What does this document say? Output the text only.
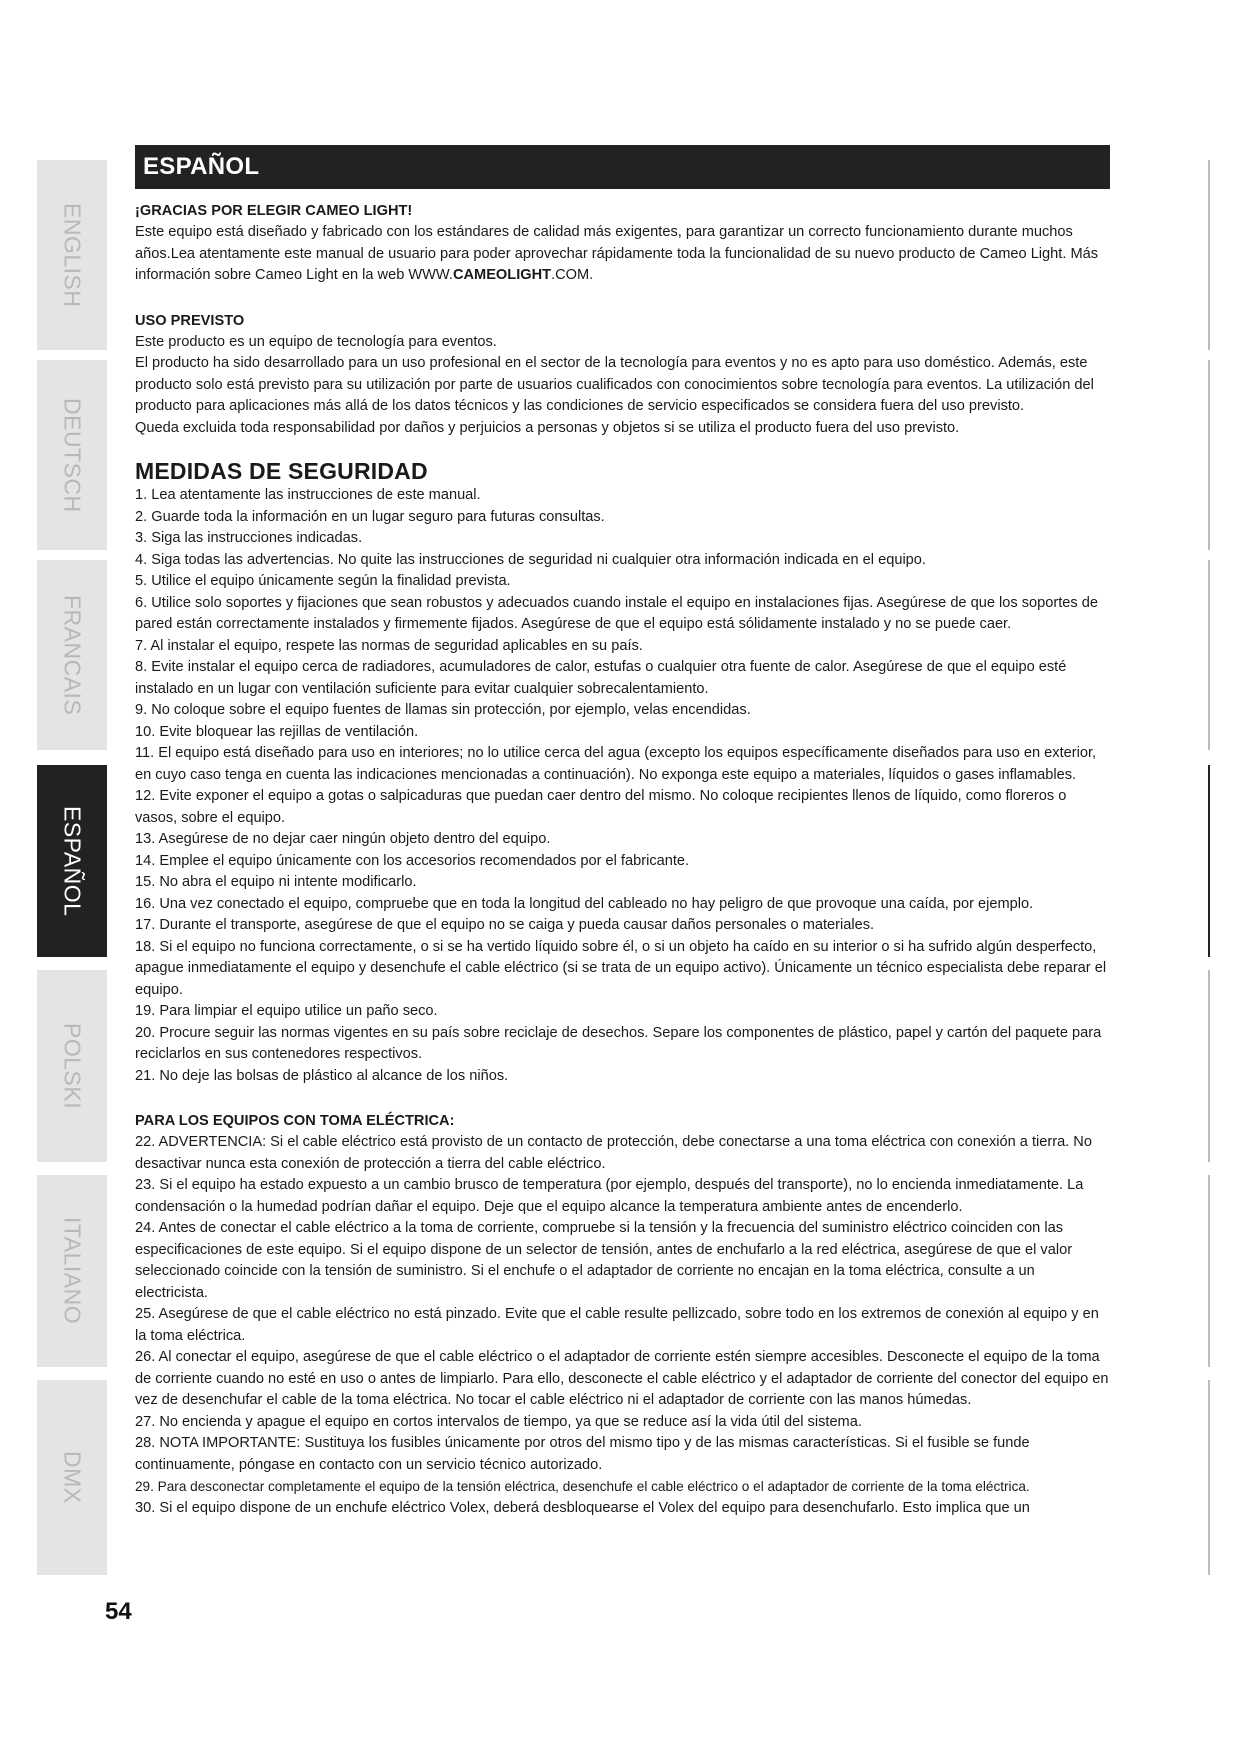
ENGLISH
DEUTSCH
FRANCAIS
ESPAÑOL
POLSKI
ITALIANO
DMX
54
ESPAÑOL
¡GRACIAS POR ELEGIR CAMEO LIGHT!

Este equipo está diseñado y fabricado con los estándares de calidad más exigentes, para garantizar un correcto funcionamiento durante muchos años.Lea atentamente este manual de usuario para poder aprovechar rápidamente toda la funcionalidad de su nuevo producto de Cameo Light. Más información sobre Cameo Light en la web WWW.CAMEOLIGHT.COM.

USO PREVISTO

Este producto es un equipo de tecnología para eventos.

El producto ha sido desarrollado para un uso profesional en el sector de la tecnología para eventos y no es apto para uso doméstico. Además, este producto solo está previsto para su utilización por parte de usuarios cualificados con conocimientos sobre tecnología para eventos. La utilización del producto para aplicaciones más allá de los datos técnicos y las condiciones de servicio especificados se considera fuera del uso previsto.

Queda excluida toda responsabilidad por daños y perjuicios a personas y objetos si se utiliza el producto fuera del uso previsto.

MEDIDAS DE SEGURIDAD

1. Lea atentamente las instrucciones de este manual.

2. Guarde toda la información en un lugar seguro para futuras consultas.

3. Siga las instrucciones indicadas.

4. Siga todas las advertencias. No quite las instrucciones de seguridad ni cualquier otra información indicada en el equipo.

5. Utilice el equipo únicamente según la finalidad prevista.

6. Utilice solo soportes y fijaciones que sean robustos y adecuados cuando instale el equipo en instalaciones fijas. Asegúrese de que los soportes de pared están correctamente instalados y firmemente fijados. Asegúrese de que el equipo está sólidamente instalado y no se puede caer.

7. Al instalar el equipo, respete las normas de seguridad aplicables en su país.

8. Evite instalar el equipo cerca de radiadores, acumuladores de calor, estufas o cualquier otra fuente de calor. Asegúrese de que el equipo esté instalado en un lugar con ventilación suficiente para evitar cualquier sobrecalentamiento.

9. No coloque sobre el equipo fuentes de llamas sin protección, por ejemplo, velas encendidas.

10. Evite bloquear las rejillas de ventilación.

11. El equipo está diseñado para uso en interiores; no lo utilice cerca del agua (excepto los equipos específicamente diseñados para uso en exterior, en cuyo caso tenga en cuenta las indicaciones mencionadas a continuación). No exponga este equipo a materiales, líquidos o gases inflamables.

12. Evite exponer el equipo a gotas o salpicaduras que puedan caer dentro del mismo. No coloque recipientes llenos de líquido, como floreros o vasos, sobre el equipo.

13. Asegúrese de no dejar caer ningún objeto dentro del equipo.

14. Emplee el equipo únicamente con los accesorios recomendados por el fabricante.

15. No abra el equipo ni intente modificarlo.

16. Una vez conectado el equipo, compruebe que en toda la longitud del cableado no hay peligro de que provoque una caída, por ejemplo.

17. Durante el transporte, asegúrese de que el equipo no se caiga y pueda causar daños personales o materiales.

18. Si el equipo no funciona correctamente, o si se ha vertido líquido sobre él, o si un objeto ha caído en su interior o si ha sufrido algún desperfecto, apague inmediatamente el equipo y desenchufe el cable eléctrico (si se trata de un equipo activo). Únicamente un técnico especialista debe reparar el equipo.

19. Para limpiar el equipo utilice un paño seco.

20. Procure seguir las normas vigentes en su país sobre reciclaje de desechos. Separe los componentes de plástico, papel y cartón del paquete para reciclarlos en sus contenedores respectivos.

21. No deje las bolsas de plástico al alcance de los niños.

PARA LOS EQUIPOS CON TOMA ELÉCTRICA:

22. ADVERTENCIA: Si el cable eléctrico está provisto de un contacto de protección, debe conectarse a una toma eléctrica con conexión a tierra. No desactivar nunca esta conexión de protección a tierra del cable eléctrico.

23. Si el equipo ha estado expuesto a un cambio brusco de temperatura (por ejemplo, después del transporte), no lo encienda inmediatamente. La condensación o la humedad podrían dañar el equipo. Deje que el equipo alcance la temperatura ambiente antes de encenderlo.

24. Antes de conectar el cable eléctrico a la toma de corriente, compruebe si la tensión y la frecuencia del suministro eléctrico coinciden con las especificaciones de este equipo. Si el equipo dispone de un selector de tensión, antes de enchufarlo a la red eléctrica, asegúrese de que el valor seleccionado coincide con la tensión de suministro. Si el enchufe o el adaptador de corriente no encajan en la toma eléctrica, consulte a un electricista.

25. Asegúrese de que el cable eléctrico no está pinzado. Evite que el cable resulte pellizcado, sobre todo en los extremos de conexión al equipo y en la toma eléctrica.

26. Al conectar el equipo, asegúrese de que el cable eléctrico o el adaptador de corriente estén siempre accesibles. Desconecte el equipo de la toma de corriente cuando no esté en uso o antes de limpiarlo. Para ello, desconecte el cable eléctrico y el adaptador de corriente del conector del equipo en vez de desenchufar el cable de la toma eléctrica. No tocar el cable eléctrico ni el adaptador de corriente con las manos húmedas.

27. No encienda y apague el equipo en cortos intervalos de tiempo, ya que se reduce así la vida útil del sistema.

28. NOTA IMPORTANTE: Sustituya los fusibles únicamente por otros del mismo tipo y de las mismas características. Si el fusible se funde continuamente, póngase en contacto con un servicio técnico autorizado.

29. Para desconectar completamente el equipo de la tensión eléctrica, desenchufe el cable eléctrico o el adaptador de corriente de la toma eléctrica.

30. Si el equipo dispone de un enchufe eléctrico Volex, deberá desbloquearse el Volex del equipo para desenchufarlo. Esto implica que un
